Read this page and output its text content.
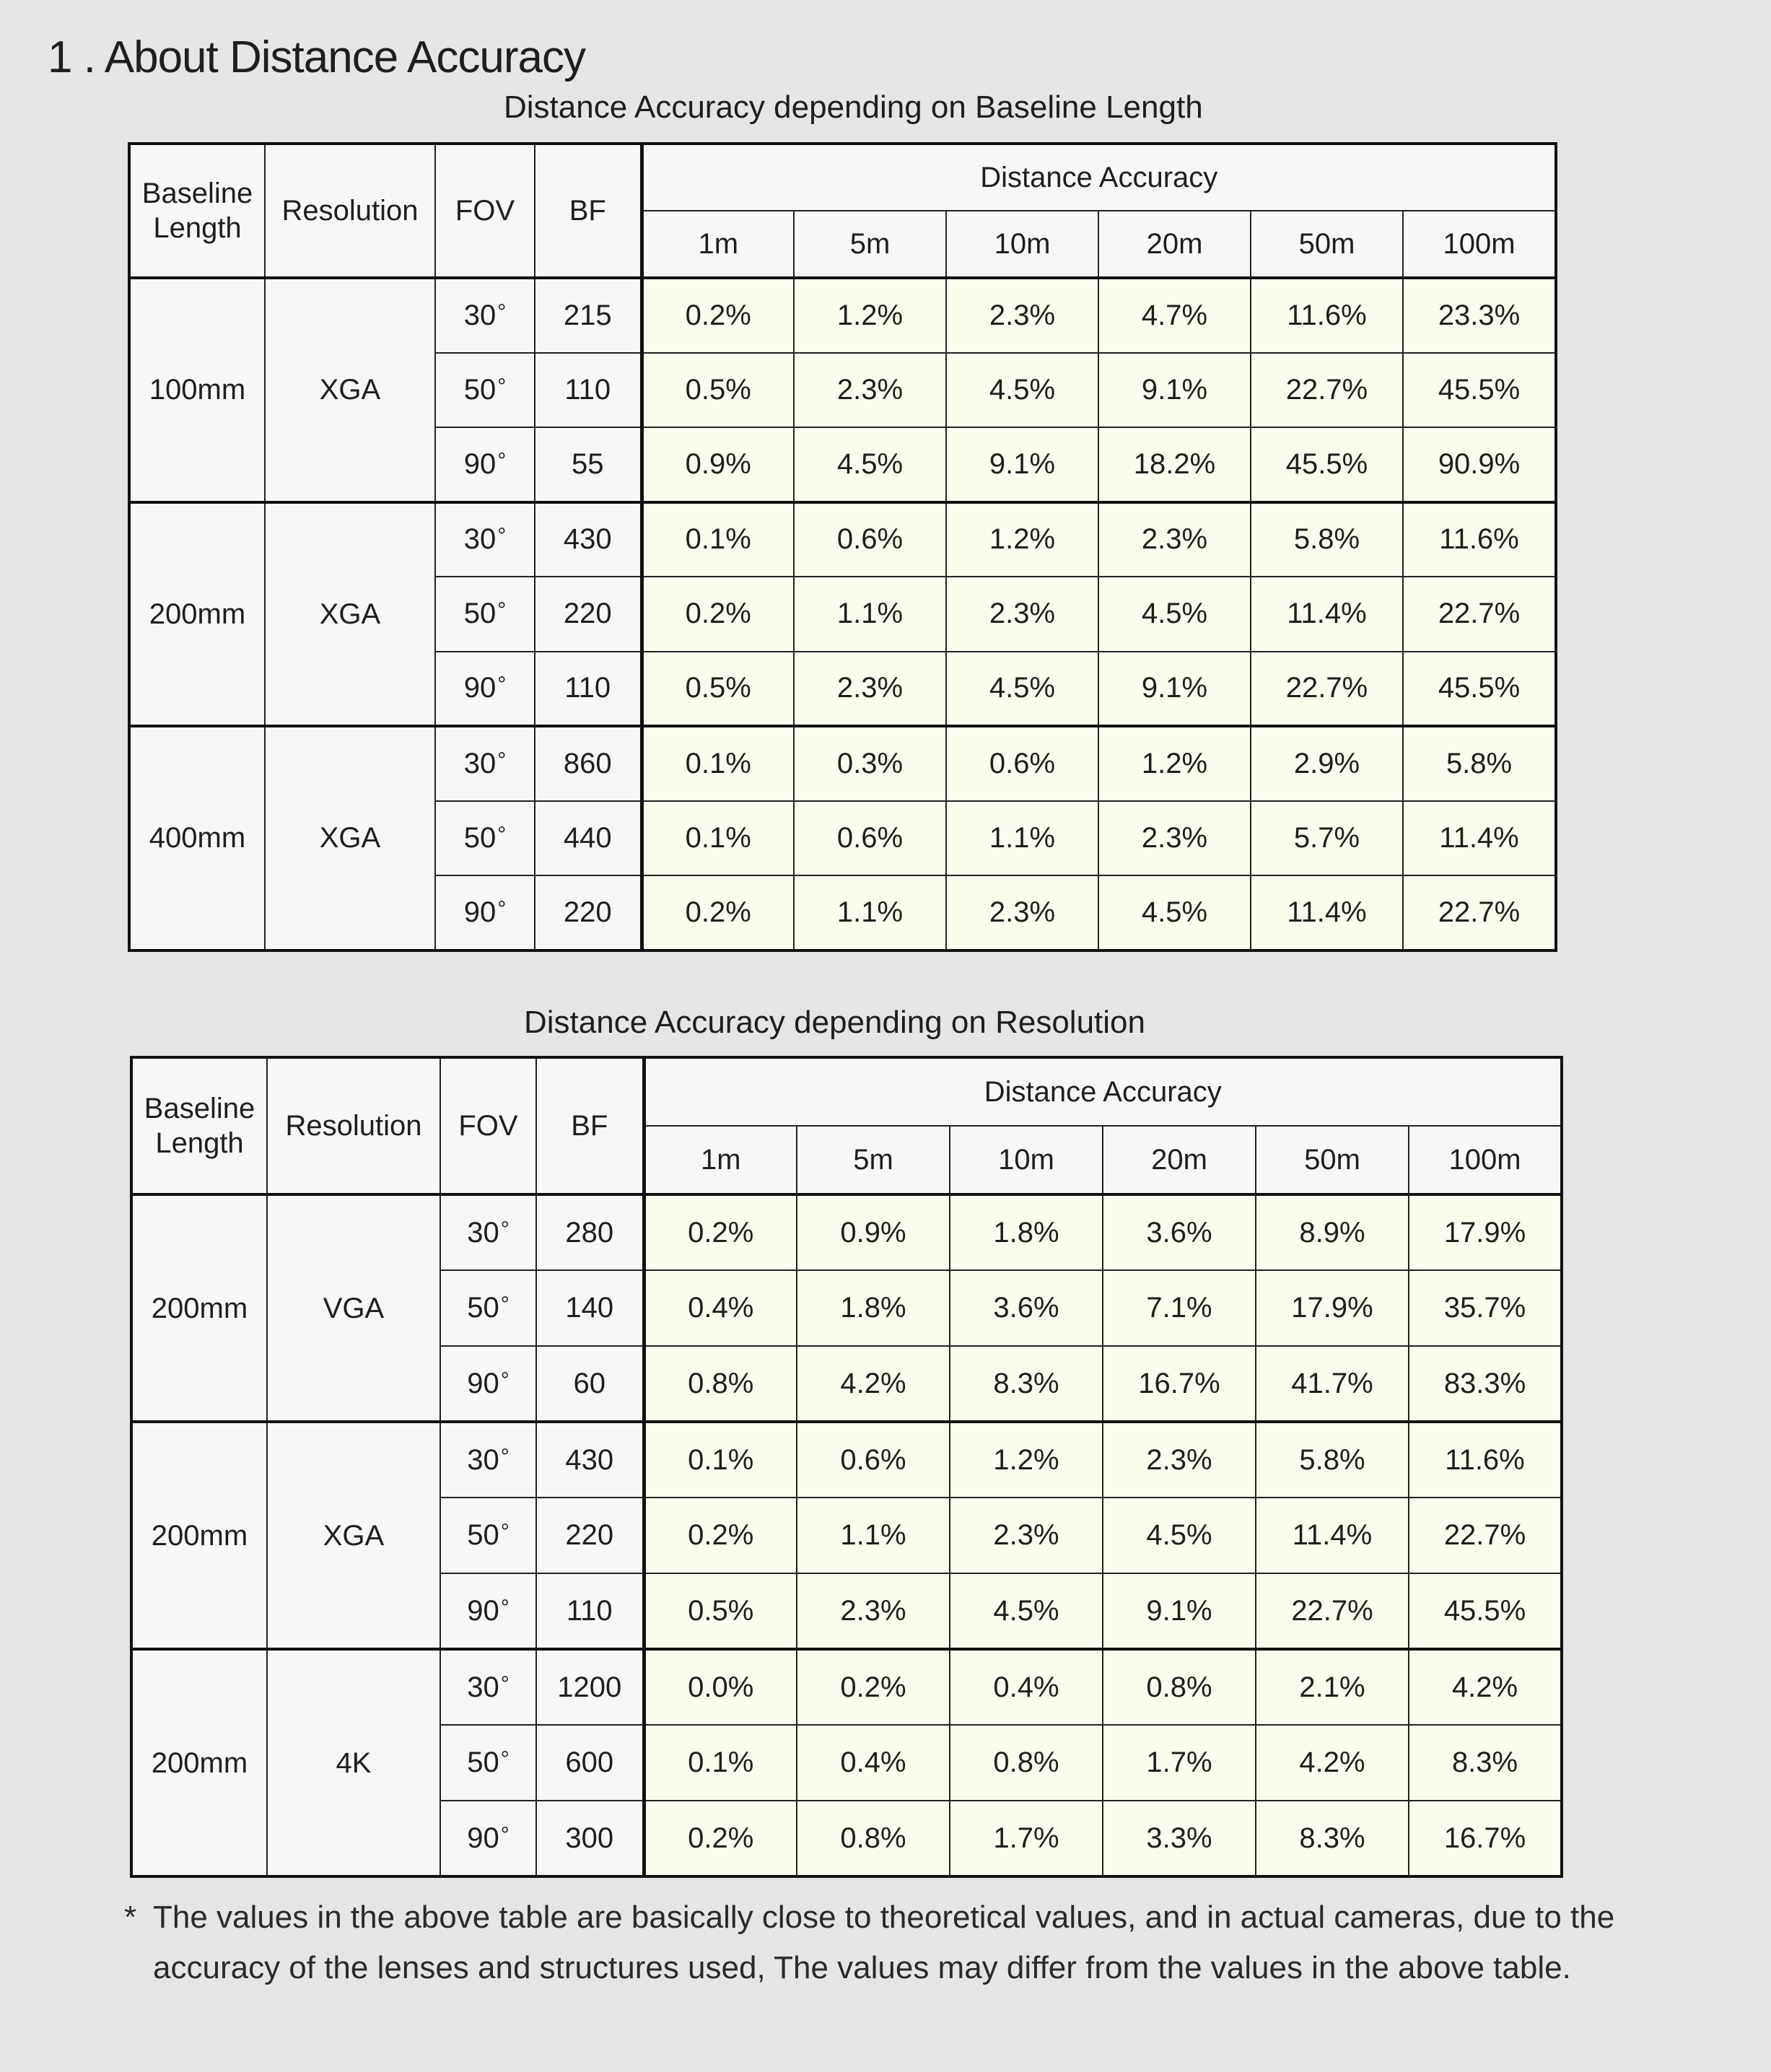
1 . About Distance Accuracy
Distance Accuracy depending on Baseline Length
Baseline
Length	Resolution	FOV	BF	Distance Accuracy					
				1m	5m	10m	20m	50m	100m
100mm	XGA	30°	215	0.2%	1.2%	2.3%	4.7%	11.6%	23.3%
		50°	110	0.5%	2.3%	4.5%	9.1%	22.7%	45.5%
		90°	55	0.9%	4.5%	9.1%	18.2%	45.5%	90.9%
200mm	XGA	30°	430	0.1%	0.6%	1.2%	2.3%	5.8%	11.6%
		50°	220	0.2%	1.1%	2.3%	4.5%	11.4%	22.7%
		90°	110	0.5%	2.3%	4.5%	9.1%	22.7%	45.5%
400mm	XGA	30°	860	0.1%	0.3%	0.6%	1.2%	2.9%	5.8%
		50°	440	0.1%	0.6%	1.1%	2.3%	5.7%	11.4%
		90°	220	0.2%	1.1%	2.3%	4.5%	11.4%	22.7%
Distance Accuracy depending on Resolution
Baseline
Length	Resolution	FOV	BF	Distance Accuracy					
				1m	5m	10m	20m	50m	100m
200mm	VGA	30°	280	0.2%	0.9%	1.8%	3.6%	8.9%	17.9%
		50°	140	0.4%	1.8%	3.6%	7.1%	17.9%	35.7%
		90°	60	0.8%	4.2%	8.3%	16.7%	41.7%	83.3%
200mm	XGA	30°	430	0.1%	0.6%	1.2%	2.3%	5.8%	11.6%
		50°	220	0.2%	1.1%	2.3%	4.5%	11.4%	22.7%
		90°	110	0.5%	2.3%	4.5%	9.1%	22.7%	45.5%
200mm	4K	30°	1200	0.0%	0.2%	0.4%	0.8%	2.1%	4.2%
		50°	600	0.1%	0.4%	0.8%	1.7%	4.2%	8.3%
		90°	300	0.2%	0.8%	1.7%	3.3%	8.3%	16.7%
* The values in the above table are basically close to theoretical values, and in actual cameras, due to the accuracy of the lenses and structures used, The values may differ from the values in the above table.
